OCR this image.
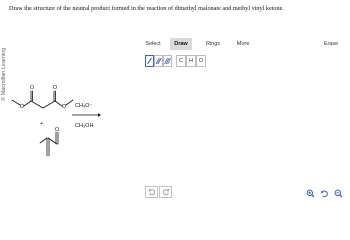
© Macmillan Learning
Draw the structure of the neutral product formed in the reaction of dimethyl malonate and methyl vinyl ketone.
O	O
O	O
O
+
CH₃O⁻
CH₃OH
Select	Draw	Rings	More	Erase
C	H	O
